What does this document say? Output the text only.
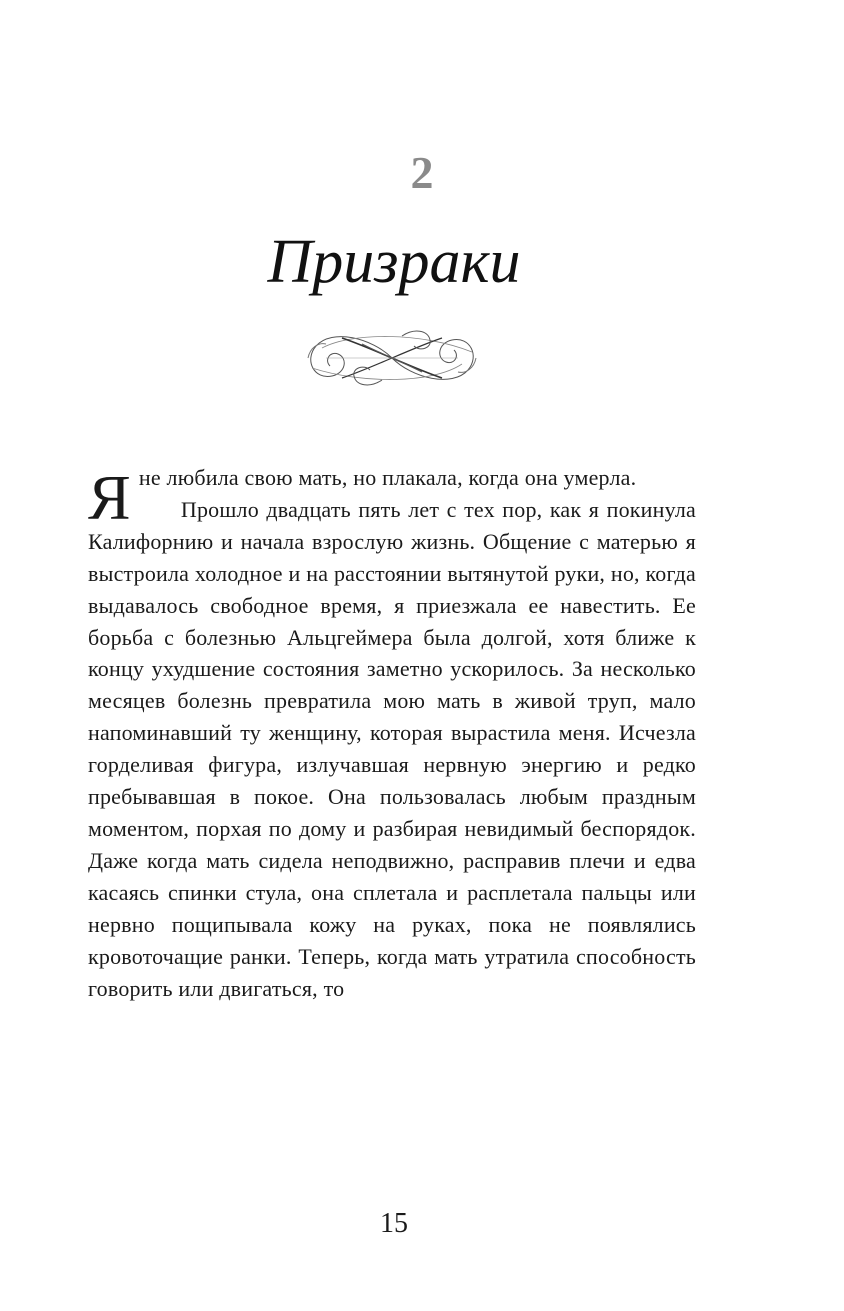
2
Призраки

Я не любила свою мать, но плакала, когда она умерла.

Прошло двадцать пять лет с тех пор, как я покинула Калифорнию и начала взрослую жизнь. Общение с матерью я выстроила холодное и на расстоянии вытянутой руки, но, когда выдавалось свободное время, я приезжала ее навестить. Ее борьба с болезнью Альцгеймера была долгой, хотя ближе к концу ухудшение состояния заметно ускорилось. За несколько месяцев болезнь превратила мою мать в живой труп, мало напоминавший ту женщину, которая вырастила меня. Исчезла горделивая фигура, излучавшая нервную энергию и редко пребывавшая в покое. Она пользовалась любым праздным моментом, порхая по дому и разбирая невидимый беспорядок. Даже когда мать сидела неподвижно, расправив плечи и едва касаясь спинки стула, она сплетала и расплетала пальцы или нервно пощипывала кожу на руках, пока не появлялись кровоточащие ранки. Теперь, когда мать утратила способность говорить или двигаться, то

15
